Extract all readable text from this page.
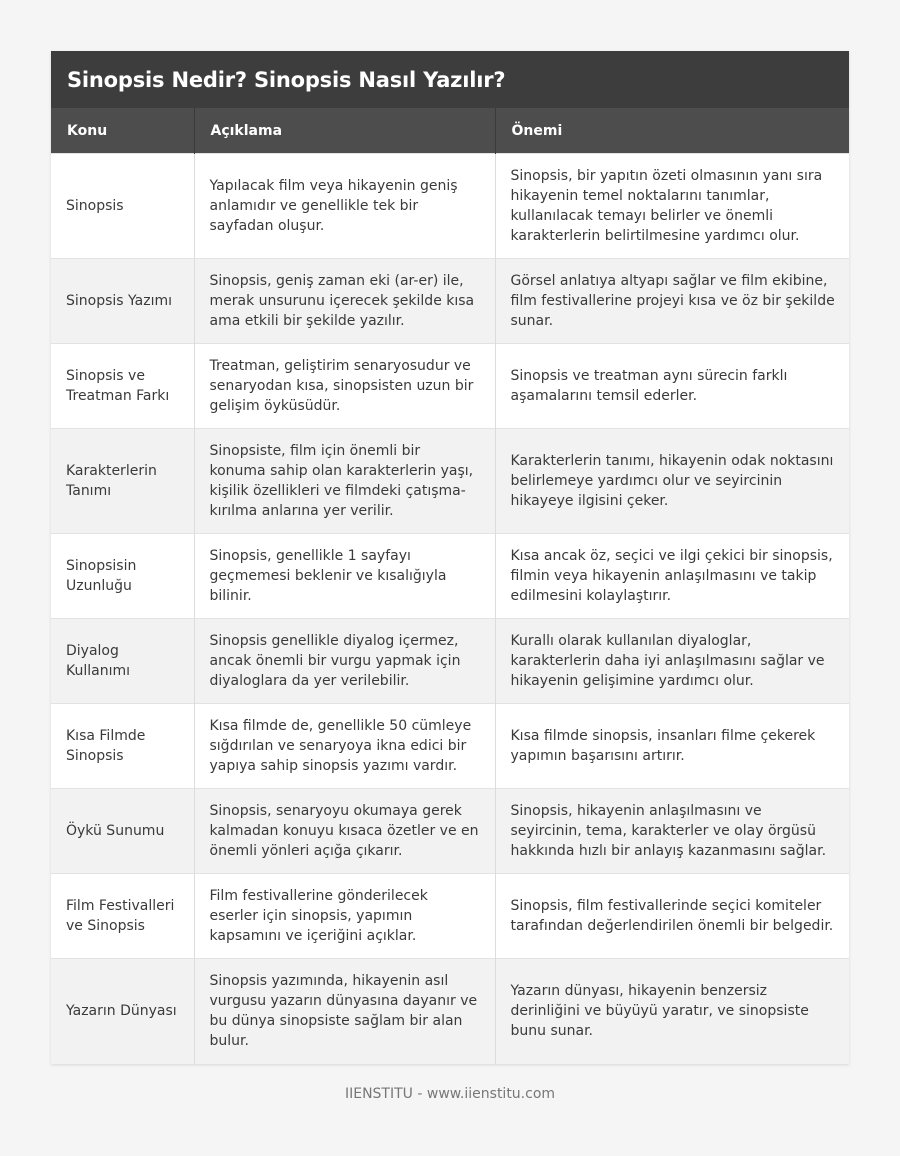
Sinopsis Nedir? Sinopsis Nasıl Yazılır?
Konu	Açıklama	Önemi
Sinopsis	Yapılacak film veya hikayenin geniş anlamıdır ve genellikle tek bir sayfadan oluşur.	Sinopsis, bir yapıtın özeti olmasının yanı sıra hikayenin temel noktalarını tanımlar, kullanılacak temayı belirler ve önemli karakterlerin belirtilmesine yardımcı olur.
Sinopsis Yazımı	Sinopsis, geniş zaman eki (ar-er) ile, merak unsurunu içerecek şekilde kısa ama etkili bir şekilde yazılır.	Görsel anlatıya altyapı sağlar ve film ekibine, film festivallerine projeyi kısa ve öz bir şekilde sunar.
Sinopsis ve Treatman Farkı	Treatman, geliştirim senaryosudur ve senaryodan kısa, sinopsisten uzun bir gelişim öyküsüdür.	Sinopsis ve treatman aynı sürecin farklı aşamalarını temsil ederler.
Karakterlerin Tanımı	Sinopsiste, film için önemli bir konuma sahip olan karakterlerin yaşı, kişilik özellikleri ve filmdeki çatışma-kırılma anlarına yer verilir.	Karakterlerin tanımı, hikayenin odak noktasını belirlemeye yardımcı olur ve seyircinin hikayeye ilgisini çeker.
Sinopsisin Uzunluğu	Sinopsis, genellikle 1 sayfayı geçmemesi beklenir ve kısalığıyla bilinir.	Kısa ancak öz, seçici ve ilgi çekici bir sinopsis, filmin veya hikayenin anlaşılmasını ve takip edilmesini kolaylaştırır.
Diyalog Kullanımı	Sinopsis genellikle diyalog içermez, ancak önemli bir vurgu yapmak için diyaloglara da yer verilebilir.	Kurallı olarak kullanılan diyaloglar, karakterlerin daha iyi anlaşılmasını sağlar ve hikayenin gelişimine yardımcı olur.
Kısa Filmde Sinopsis	Kısa filmde de, genellikle 50 cümleye sığdırılan ve senaryoya ikna edici bir yapıya sahip sinopsis yazımı vardır.	Kısa filmde sinopsis, insanları filme çekerek yapımın başarısını artırır.
Öykü Sunumu	Sinopsis, senaryoyu okumaya gerek kalmadan konuyu kısaca özetler ve en önemli yönleri açığa çıkarır.	Sinopsis, hikayenin anlaşılmasını ve seyircinin, tema, karakterler ve olay örgüsü hakkında hızlı bir anlayış kazanmasını sağlar.
Film Festivalleri ve Sinopsis	Film festivallerine gönderilecek eserler için sinopsis, yapımın kapsamını ve içeriğini açıklar.	Sinopsis, film festivallerinde seçici komiteler tarafından değerlendirilen önemli bir belgedir.
Yazarın Dünyası	Sinopsis yazımında, hikayenin asıl vurgusu yazarın dünyasına dayanır ve bu dünya sinopsiste sağlam bir alan bulur.	Yazarın dünyası, hikayenin benzersiz derinliğini ve büyüyü yaratır, ve sinopsiste bunu sunar.
IIENSTITU - www.iienstitu.com
